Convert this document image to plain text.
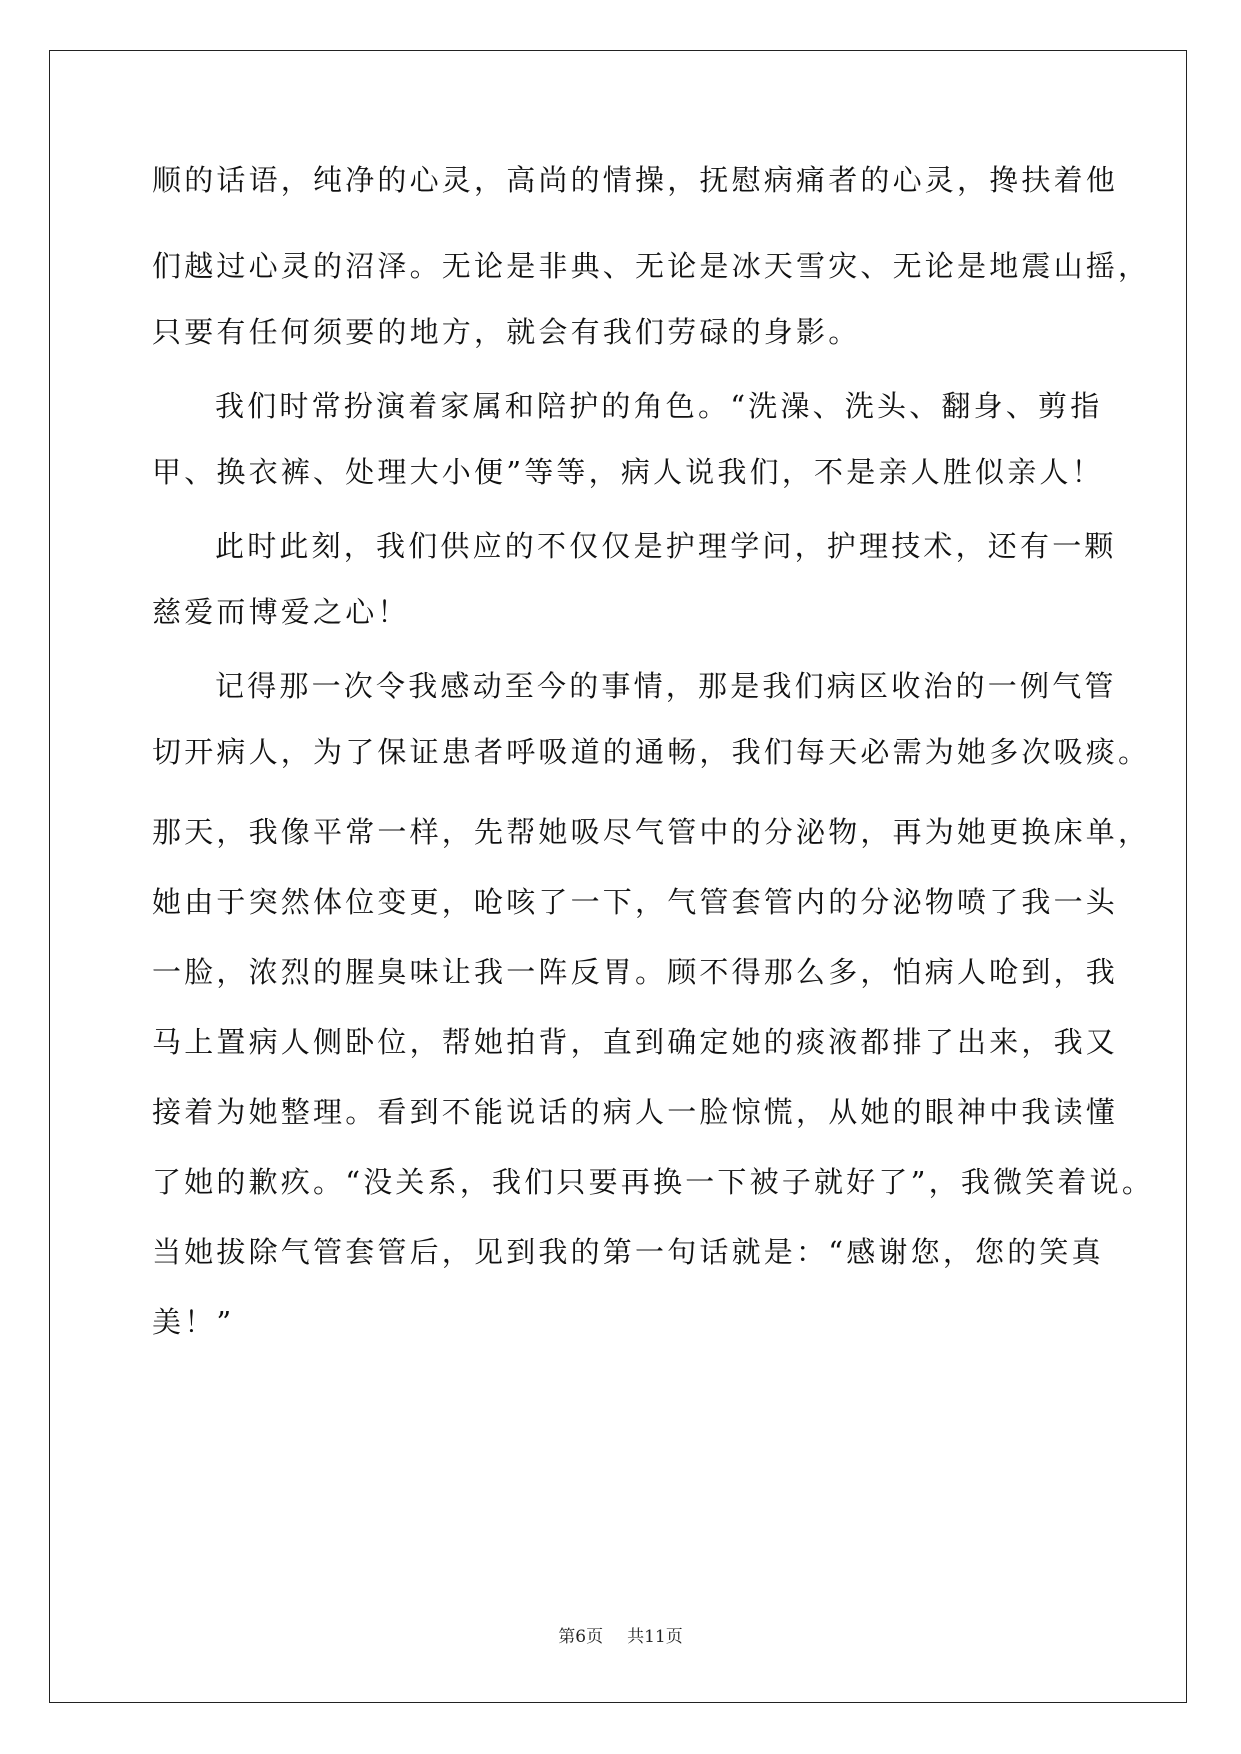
顺的话语，纯净的心灵，高尚的情操，抚慰病痛者的心灵，搀扶着他
们越过心灵的沼泽。无论是非典、无论是冰天雪灾、无论是地震山摇，
只要有任何须要的地方，就会有我们劳碌的身影。
我们时常扮演着家属和陪护的角色。“洗澡、洗头、翻身、剪指
甲、换衣裤、处理大小便”等等，病人说我们，不是亲人胜似亲人！
此时此刻，我们供应的不仅仅是护理学问，护理技术，还有一颗
慈爱而博爱之心！
记得那一次令我感动至今的事情，那是我们病区收治的一例气管
切开病人，为了保证患者呼吸道的通畅，我们每天必需为她多次吸痰。
那天，我像平常一样，先帮她吸尽气管中的分泌物，再为她更换床单，
她由于突然体位变更，呛咳了一下，气管套管内的分泌物喷了我一头
一脸，浓烈的腥臭味让我一阵反胃。顾不得那么多，怕病人呛到，我
马上置病人侧卧位，帮她拍背，直到确定她的痰液都排了出来，我又
接着为她整理。看到不能说话的病人一脸惊慌，从她的眼神中我读懂
了她的歉疚。“没关系，我们只要再换一下被子就好了”，我微笑着说。
当她拔除气管套管后，见到我的第一句话就是：“感谢您，您的笑真
美！”
第6页 共11页
